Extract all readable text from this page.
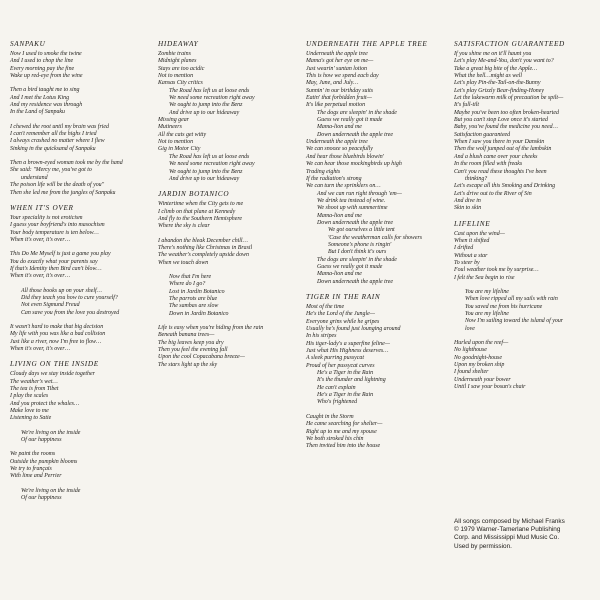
SANPAKU
Now I used to smoke the twine
And I used to chop the line
Every morning pay the fine
Wake up red-eye from the wine
Then a bird taught me to sing
And I met the Lotus King
And my residence was through
In the Land of Sanpaku
I chewed the root until my brain was fried
I can't remember all the highs I tried
I always crashed no matter where I flew
Sinking in the quicksand of Sanpaku
Then a brown-eyed woman took me by the hand
She said: "Mercy me, you've got to
understand
The poison life will be the death of you"
Then she led me from the jungles of Sanpaku
WHEN IT'S OVER
Your speciality is not eroticism
I guess your boyfriend's into masochism
Your body temperature is ten below…
When it's over, it's over…
This Do Me Myself is just a game you play
You do exactly what your parents say
If that's Identity then Bird can't blow…
When it's over, it's over…
All those books up on your shelf…
Did they teach you how to cure yourself?
Not even Sigmund Freud
Can save you from the love you destroyed
It wasn't hard to make that big decision
My life with you was like a bad collision
Just like a river, now I'm free to flow…
When it's over, it's over…
LIVING ON THE INSIDE
Cloudy days we stay inside together
The weather's wet…
The tea is from Tibet
I play the scales
And you protect the whales…
Make love to me
Listening to Satie
We're living on the inside
Of our happiness
We paint the rooms
Outside the pumpkin blooms
We try to français
With lime and Perrier
We're living on the inside
Of our happiness
HIDEAWAY
Zombie trains
Midnight planes
Stays are too acidic
Not to mention
Kansas City critics
The Road has left us at loose ends
We need some recreation right away
We ought to jump into the Benz
And drive up to our hideaway
Missing gear
Mutineers
All the cats get witty
Not to mention
Gig in Motor City
The Road has left us at loose ends
We need some recreation right away
We ought to jump into the Benz
And drive up to our hideaway
JARDIN BOTANICO
Wintertime when the City gets to me
I climb on that plane at Kennedy
And fly to the Southern Hemisphere
Where the sky is clear
I abandon the bleak December chill…
There's nothing like Christmas in Brasil
The weather's completely upside down
When we touch down
Now that I'm here
Where do I go?
Lost in Jardin Botanico
The parrots are blue
The sambas are slow
Down in Jardin Botanico
Life is easy when you're hiding from the rain
Beneath banana trees—
The big leaves keep you dry
Then you feel the evening fall
Upon the cool Copacabana breeze—
The stars light up the sky
UNDERNEATH THE APPLE TREE
Underneath the apple tree
Mama's got her eye on me—
Just wearin' suntan lotion
This is how we spend each day
May, June, and July…
Sunnin' in our birthday suits
Eatin' that forbidden fruit—
It's like perpetual motion
The dogs are sleepin' in the shade
Guess we really got it made
Mama-lion and me
Down underneath the apple tree
Underneath the apple tree
We can snooze so peacefully
And hear those bluebirds blowin'
We can hear those mockingbirds up high
Trading eights
If the radiation's strong
We can turn the sprinklers on…
And we can run right through 'em—
We drink tea instead of wine.
We shoot up with summertime
Mama-lion and me
Down underneath the apple tree
We got ourselves a little tent
'Case the weatherman calls for showers
Someone's phone is ringin'
But I don't think it's ours
The dogs are sleepin' in the shade
Guess we really got it made
Mama-lion and me
Down underneath the apple tree
TIGER IN THE RAIN
Most of the time
He's the Lord of the Jungle—
Everyone grins while he gripes
Usually he's found just lounging around
In his stripes
His tiger-lady's a superfine feline—
Just what His Highness deserves…
A sleek purring pussycat
Proud of her pussycat curves
He's a Tiger in the Rain
It's the thunder and lightning
He can't explain
He's a Tiger in the Rain
Who's frightened
Caught in the Storm
He came searching for shelter—
Right up to me and my spouse
We both stroked his chin
Then invited him into the house
SATISFACTION GUARANTEED
If you shine me on it'll haunt you
Let's play Me-and-You, don't you want to?
Take a great big bite of the Apple…
What the hell…might as well
Let's play Pin-the-Tail-on-the-Bunny
Let's play Grizzly Bear-finding-Honey
Let the lukewarm milk of precaution be spilt—
It's full-tilt
Maybe you've been too often broken-hearted
But you can't stop Love once it's started
Baby, you've found the medicine you need…
Satisfaction guaranteed
When I saw you there in your Danskin
Then the wolf jumped out of the lambskin
And a blush came over your cheeks
In the room filled with freaks
Can't you read these thoughts I've been
thinking?
Let's escape all this Smoking and Drinking
Let's drive out to the River of Sin
And dive in
Skin to skin
LIFELINE
Cast upon the wind—
When it shifted
I drifted
Without a star
To steer by
Foul weather took me by surprise…
I felt the Sea begin to rise
You are my lifeline
When love ripped all my sails with rain
You saved me from his hurricane
You are my lifeline
Now I'm sailing toward the island of your
love
Hurled upon the reef—
No lighthouse
No goodnight-house
Upon my broken ship
I found shelter
Underneath your bower
Until I saw your bosun's chair
All songs composed by Michael Franks
© 1979 Warner-Tamerlane Publishing
Corp. and Mississippi Mud Music Co.
Used by permission.
